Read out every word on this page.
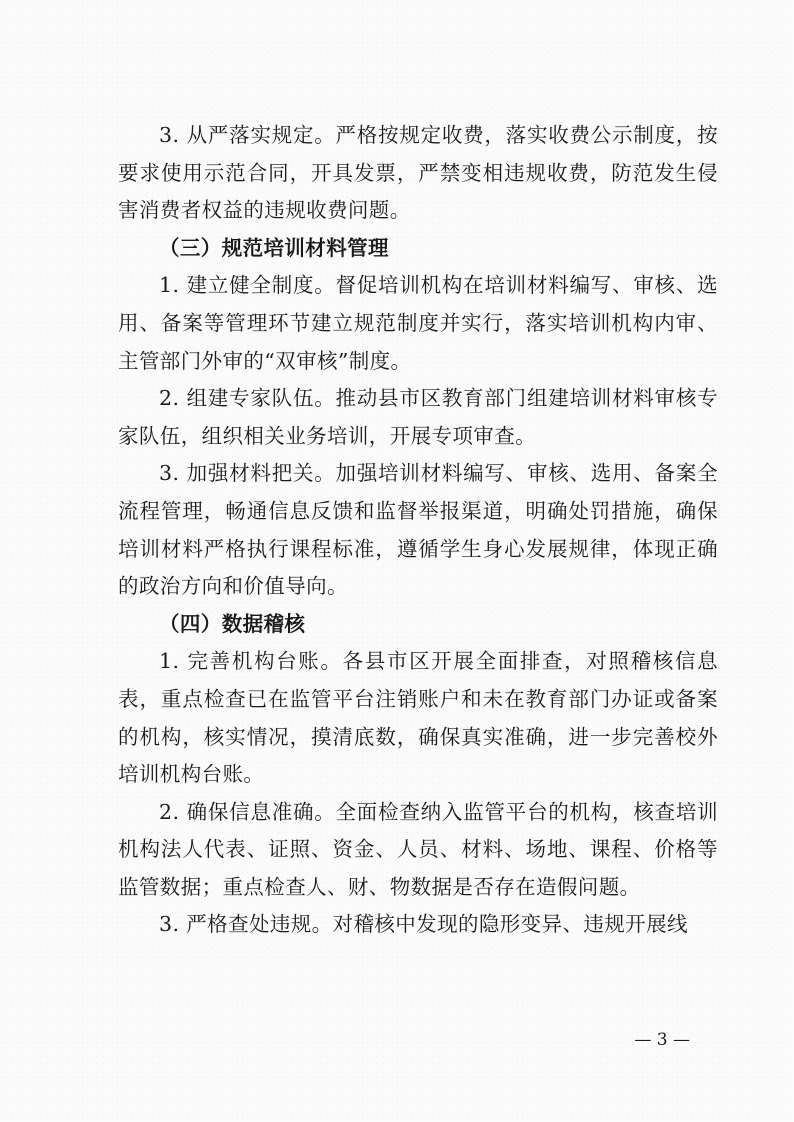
3. 从严落实规定。严格按规定收费，落实收费公示制度，按要求使用示范合同，开具发票，严禁变相违规收费，防范发生侵害消费者权益的违规收费问题。

（三）规范培训材料管理

1. 建立健全制度。督促培训机构在培训材料编写、审核、选用、备案等管理环节建立规范制度并实行，落实培训机构内审、主管部门外审的“双审核”制度。

2. 组建专家队伍。推动县市区教育部门组建培训材料审核专家队伍，组织相关业务培训，开展专项审查。

3. 加强材料把关。加强培训材料编写、审核、选用、备案全流程管理，畅通信息反馈和监督举报渠道，明确处罚措施，确保培训材料严格执行课程标准，遵循学生身心发展规律，体现正确的政治方向和价值导向。

（四）数据稽核

1. 完善机构台账。各县市区开展全面排查，对照稽核信息表，重点检查已在监管平台注销账户和未在教育部门办证或备案的机构，核实情况，摸清底数，确保真实准确，进一步完善校外培训机构台账。

2. 确保信息准确。全面检查纳入监管平台的机构，核查培训机构法人代表、证照、资金、人员、材料、场地、课程、价格等监管数据；重点检查人、财、物数据是否存在造假问题。

3. 严格查处违规。对稽核中发现的隐形变异、违规开展线

— 3 —
